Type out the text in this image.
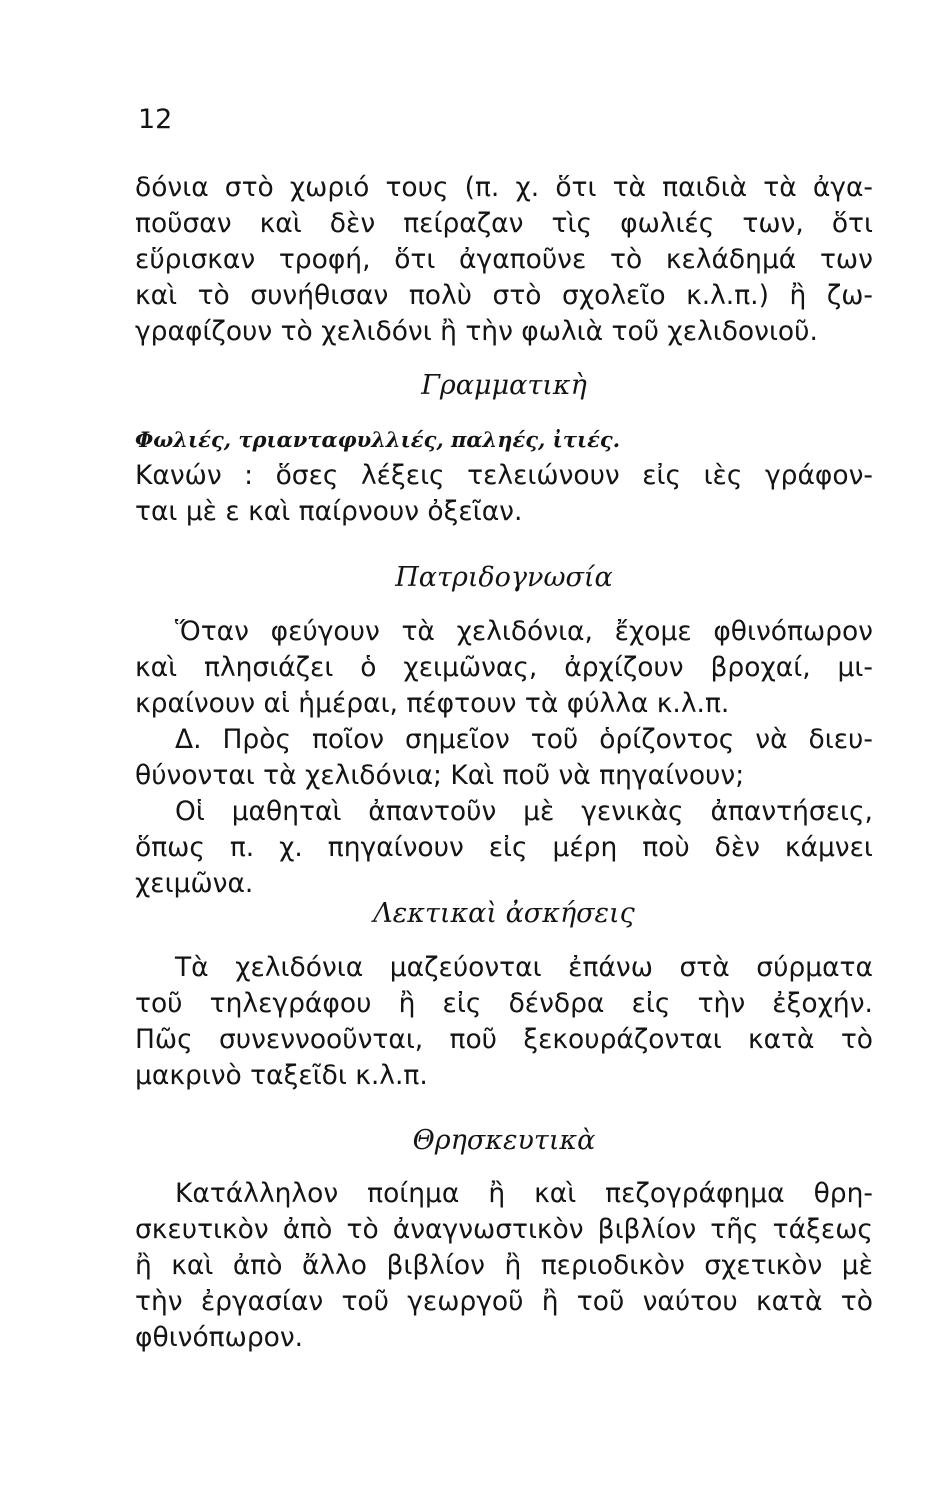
12
δόνια στὸ χωριό τους (π. χ. ὅτι τὰ παιδιὰ τὰ ἀγα-
ποῦσαν καὶ δὲν πείραζαν τὶς φωλιές των, ὅτι
εὕρισκαν τροφή, ὅτι ἀγαποῦνε τὸ κελάδημά των
καὶ τὸ συνήθισαν πολὺ στὸ σχολεῖο κ.λ.π.) ἢ ζω-
γραφίζουν τὸ χελιδόνι ἢ τὴν φωλιὰ τοῦ χελιδονιοῦ.
Γραμματικὴ
Φωλιές, τριανταφυλλιές, παληές, ἰτιές.
Κανών : ὅσες λέξεις τελειώνουν εἰς ιὲς γράφον-
ται μὲ ε καὶ παίρνουν ὀξεῖαν.
Πατριδογνωσία
Ὅταν φεύγουν τὰ χελιδόνια, ἔχομε φθινόπωρον
καὶ πλησιάζει ὁ χειμῶνας, ἀρχίζουν βροχαί, μι-
κραίνουν αἱ ἡμέραι, πέφτουν τὰ φύλλα κ.λ.π.
Δ. Πρὸς ποῖον σημεῖον τοῦ ὁρίζοντος νὰ διευ-
θύνονται τὰ χελιδόνια; Καὶ ποῦ νὰ πηγαίνουν;
Οἱ μαθηταὶ ἀπαντοῦν μὲ γενικὰς ἀπαντήσεις,
ὅπως π. χ. πηγαίνουν εἰς μέρη ποὺ δὲν κάμνει
χειμῶνα.
Λεκτικαὶ ἀσκήσεις
Τὰ χελιδόνια μαζεύονται ἐπάνω στὰ σύρματα
τοῦ τηλεγράφου ἢ εἰς δένδρα εἰς τὴν ἐξοχήν.
Πῶς συνεννοοῦνται, ποῦ ξεκουράζονται κατὰ τὸ
μακρινὸ ταξεῖδι κ.λ.π.
Θρησκευτικὰ
Κατάλληλον ποίημα ἢ καὶ πεζογράφημα θρη-
σκευτικὸν ἀπὸ τὸ ἀναγνωστικὸν βιβλίον τῆς τάξεως
ἢ καὶ ἀπὸ ἄλλο βιβλίον ἢ περιοδικὸν σχετικὸν μὲ
τὴν ἐργασίαν τοῦ γεωργοῦ ἢ τοῦ ναύτου κατὰ τὸ
φθινόπωρον.
